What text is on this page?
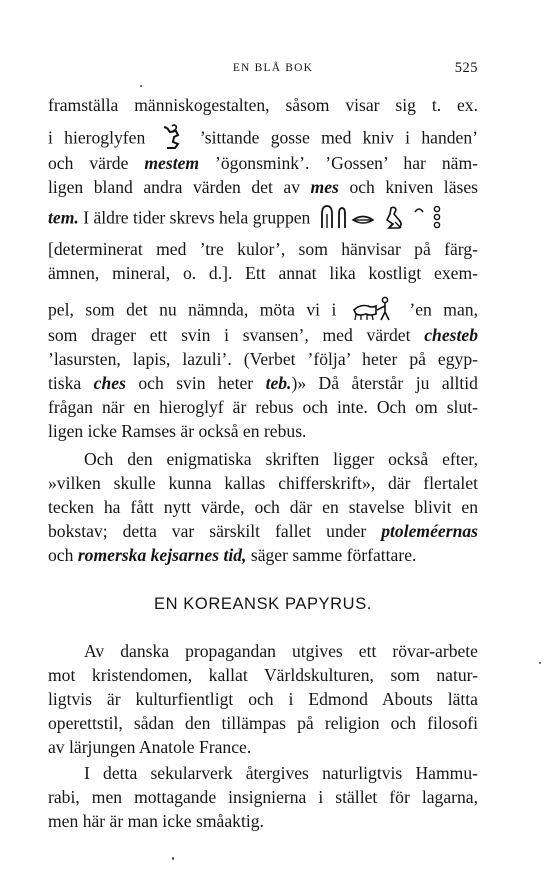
EN BLÅ BOK	525
framställa människogestalten, såsom visar sig t. ex.
i hieroglyfen	’sittande gosse med kniv i handen’
och värde mestem ’ögonsmink’. ’Gossen’ har näm-
ligen bland andra värden det av mes och kniven läses
tem. I äldre tider skrevs hela gruppen
[determinerat med ’tre kulor’, som hänvisar på färg-
ämnen, mineral, o. d.]. Ett annat lika kostligt exem-
pel, som det nu nämnda, möta vi i	’en man,
som drager ett svin i svansen’, med värdet chesteb
’lasursten, lapis, lazuli’. (Verbet ’följa’ heter på egyp-
tiska ches och svin heter teb.)» Då återstår ju alltid
frågan när en hieroglyf är rebus och inte. Och om slut-
ligen icke Ramses är också en rebus.
Och den enigmatiska skriften ligger också efter,
»vilken skulle kunna kallas chifferskrift», där flertalet
tecken ha fått nytt värde, och där en stavelse blivit en
bokstav; detta var särskilt fallet under ptoleméernas
och romerska kejsarnes tid, säger samme författare.
EN KOREANSK PAPYRUS.
Av danska propagandan utgives ett rövar-arbete
mot kristendomen, kallat Världskulturen, som natur-
ligtvis är kulturfientligt och i Edmond Abouts lätta
operettstil, sådan den tillämpas på religion och filosofi
av lärjungen Anatole France.
I detta sekularverk återgives naturligtvis Hammu-
rabi, men mottagande insignierna i stället för lagarna,
men här är man icke småaktig.
